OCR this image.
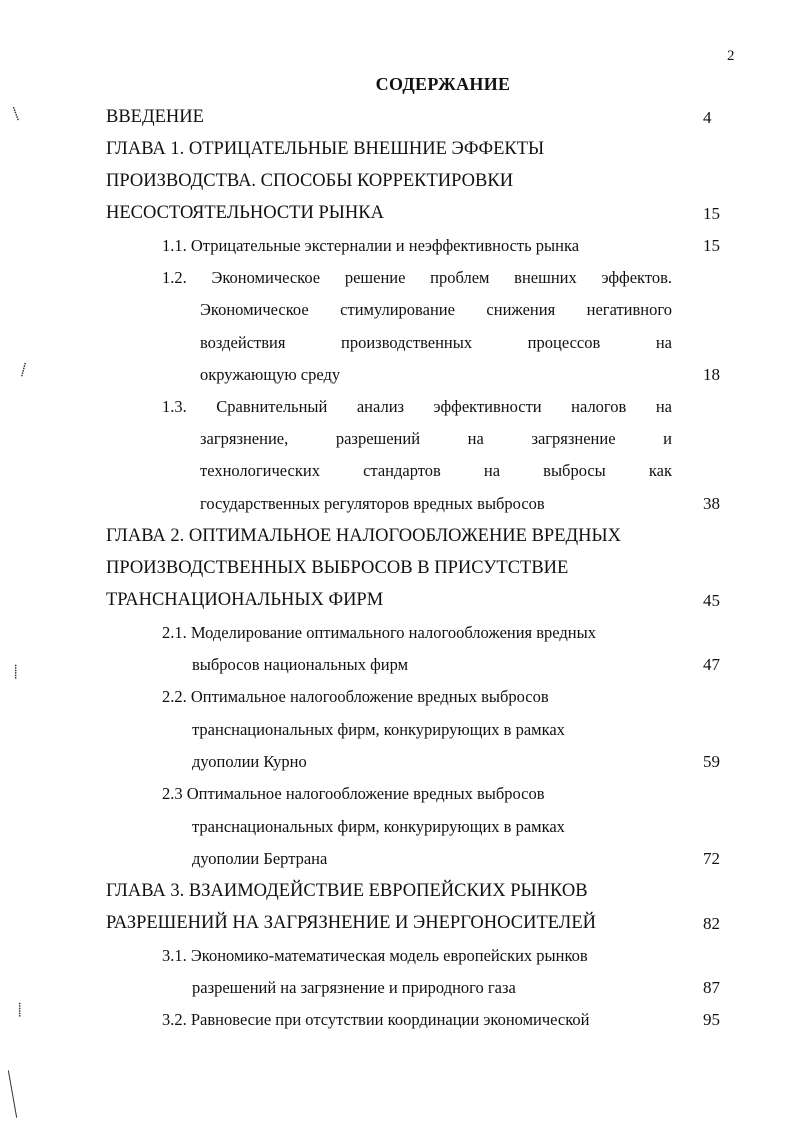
2
СОДЕРЖАНИЕ
ВВЕДЕНИЕ	4
ГЛАВА 1. ОТРИЦАТЕЛЬНЫЕ ВНЕШНИЕ ЭФФЕКТЫ
ПРОИЗВОДСТВА. СПОСОБЫ КОРРЕКТИРОВКИ
НЕСОСТОЯТЕЛЬНОСТИ РЫНКА	15
1.1. Отрицательные экстерналии и неэффективность рынка	15
1.2. Экономическое решение проблем внешних эффектов.
Экономическое стимулирование снижения негативного
воздействия производственных процессов на
окружающую среду	18
1.3. Сравнительный анализ эффективности налогов на
загрязнение, разрешений на загрязнение и
технологических стандартов на выбросы как
государственных регуляторов вредных выбросов	38
ГЛАВА 2. ОПТИМАЛЬНОЕ НАЛОГООБЛОЖЕНИЕ ВРЕДНЫХ
ПРОИЗВОДСТВЕННЫХ ВЫБРОСОВ В ПРИСУТСТВИЕ
ТРАНСНАЦИОНАЛЬНЫХ ФИРМ	45
2.1. Моделирование оптимального налогообложения вредных
выбросов национальных фирм	47
2.2. Оптимальное налогообложение вредных выбросов
транснациональных фирм, конкурирующих в рамках
дуополии Курно	59
2.3 Оптимальное налогообложение вредных выбросов
транснациональных фирм, конкурирующих в рамках
дуополии Бертрана	72
ГЛАВА 3. ВЗАИМОДЕЙСТВИЕ ЕВРОПЕЙСКИХ РЫНКОВ
РАЗРЕШЕНИЙ НА ЗАГРЯЗНЕНИЕ И ЭНЕРГОНОСИТЕЛЕЙ	82
3.1. Экономико-математическая модель европейских рынков
разрешений на загрязнение и природного газа	87
3.2. Равновесие при отсутствии координации экономической	95
⸽
⸽
⸽
⸽
